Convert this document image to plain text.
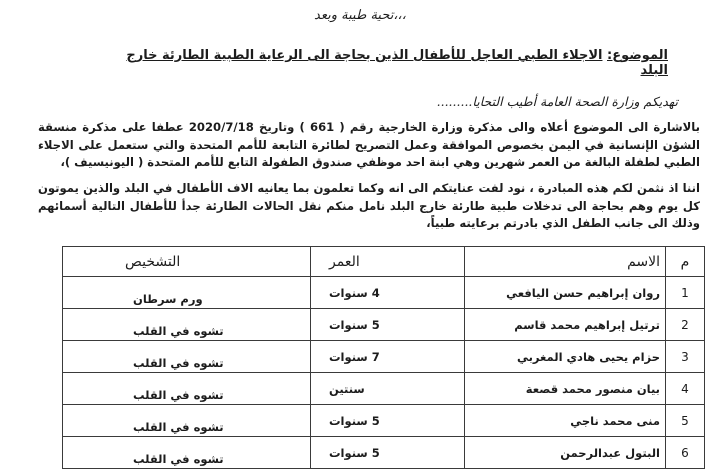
تحية طيبة وبعد،،،
الموضوع: الاجلاء الطبي العاجل للأطفال الذين بحاجة الى الرعاية الطبية الطارئة خارج البلد
تهديكم وزارة الصحة العامة أطيب التحايا.........
بالاشارة الى الموضوع أعلاه والى مذكرة وزارة الخارجية رقم ( 661 ) وتاريخ 2020/7/18 عطفا على مذكرة منسقة الشؤن الإنسانية في اليمن بخصوص الموافقة وعمل التصريح لطائرة التابعة للأمم المتحدة والتي ستعمل على الاجلاء الطبي لطفلة البالغة من العمر شهرين وهي ابنة احد موظفي صندوق الطفولة التابع للأمم المتحدة ( اليونيسيف )،
اننا اذ نثمن لكم هذه المبادرة ، نود لفت عنايتكم الى انه وكما تعلمون بما يعانيه الاف الأطفال في البلد والذين يموتون كل يوم وهم بحاجة الى تدخلات طبية طارئة خارج البلد نامل منكم نقل الحالات الطارئة جدأ للأطفال التالية أسمائهم وذلك الى جانب الطفل الذي بادرتم برعايته طبياً،
م	الاسم	العمر	التشخيص
1	روان إبراهيم حسن اليافعي	4 سنوات	ورم سرطان
2	ترتيل إبراهيم محمد قاسم	5 سنوات	تشوه في القلب
3	حزام يحيى هادي المغربي	7 سنوات	تشوه في القلب
4	بيان منصور محمد قصعة	سنتين	تشوه في القلب
5	منى محمد ناجي	5 سنوات	تشوه في القلب
6	البتول عبدالرحمن	5 سنوات	تشوه في القلب
